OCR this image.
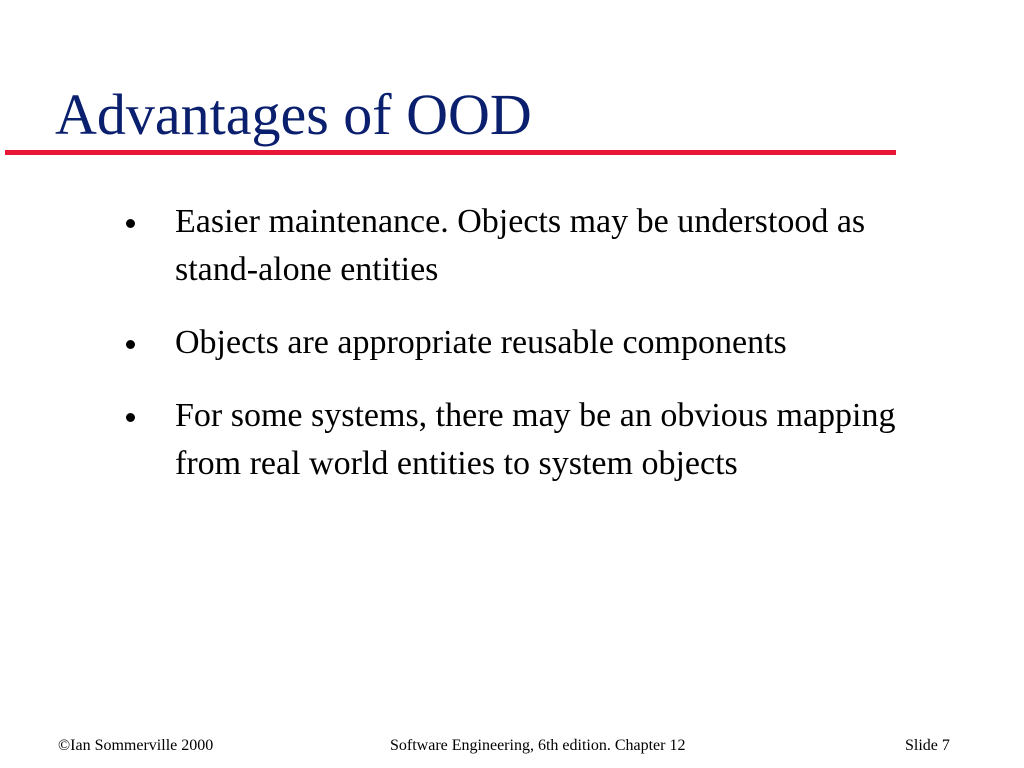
Advantages of OOD
Easier maintenance. Objects may be understood as stand-alone entities
Objects are appropriate reusable components
For some systems, there may be an obvious mapping from real world entities to system objects
©Ian Sommerville 2000	Software Engineering, 6th edition. Chapter 12	Slide 7
